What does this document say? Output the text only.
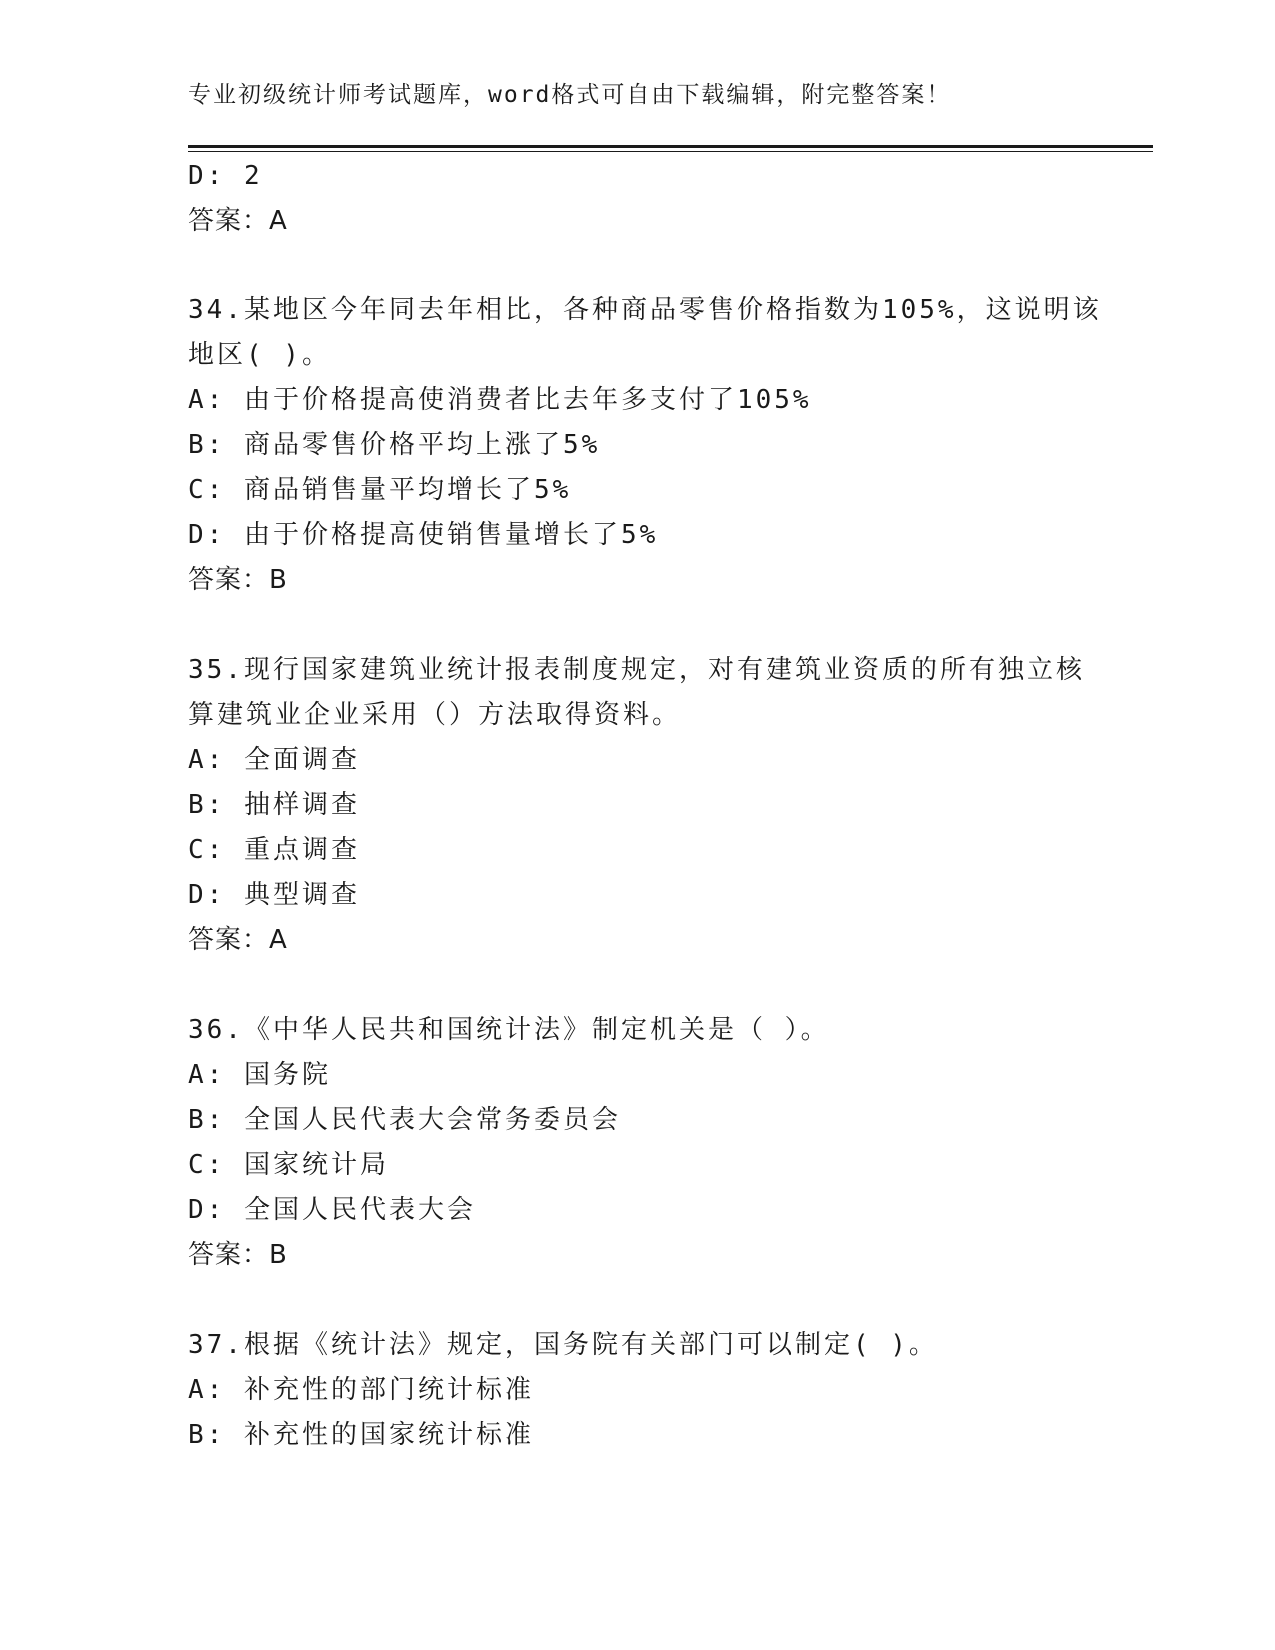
专业初级统计师考试题库，word格式可自由下载编辑，附完整答案！
D: 2
答案：A
34.某地区今年同去年相比，各种商品零售价格指数为105%，这说明该
地区( )。
A: 由于价格提高使消费者比去年多支付了105%
B: 商品零售价格平均上涨了5%
C: 商品销售量平均增长了5%
D: 由于价格提高使销售量增长了5%
答案：B
35.现行国家建筑业统计报表制度规定，对有建筑业资质的所有独立核
算建筑业企业采用（）方法取得资料。
A: 全面调查
B: 抽样调查
C: 重点调查
D: 典型调查
答案：A
36.《中华人民共和国统计法》制定机关是（ ）。
A: 国务院
B: 全国人民代表大会常务委员会
C: 国家统计局
D: 全国人民代表大会
答案：B
37.根据《统计法》规定，国务院有关部门可以制定( )。
A: 补充性的部门统计标准
B: 补充性的国家统计标准
